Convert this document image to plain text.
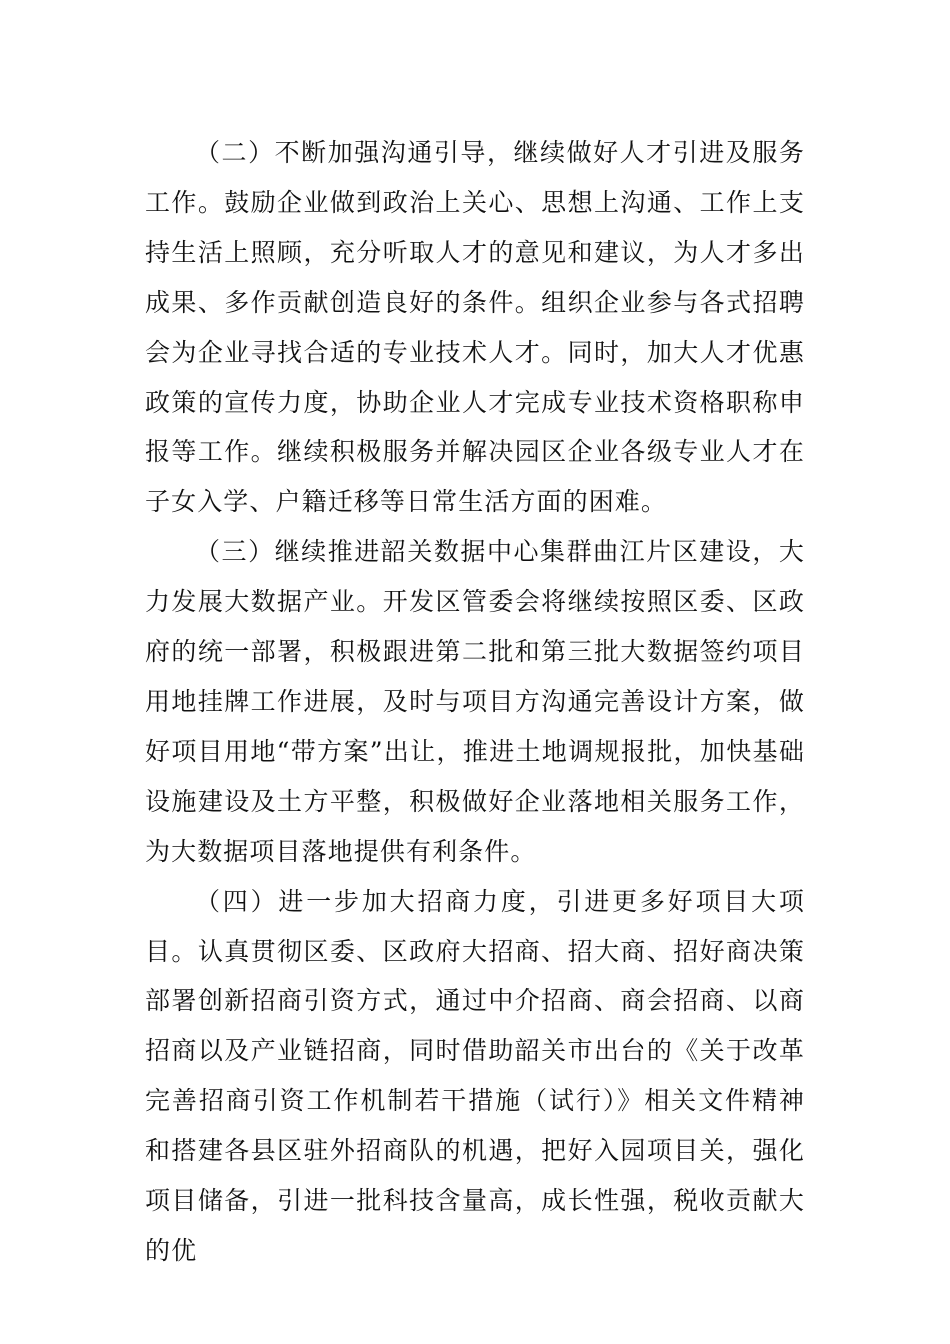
（二）不断加强沟通引导，继续做好人才引进及服务工作。鼓励企业做到政治上关心、思想上沟通、工作上支持生活上照顾，充分听取人才的意见和建议，为人才多出成果、多作贡献创造良好的条件。组织企业参与各式招聘会为企业寻找合适的专业技术人才。同时，加大人才优惠政策的宣传力度，协助企业人才完成专业技术资格职称申报等工作。继续积极服务并解决园区企业各级专业人才在子女入学、户籍迁移等日常生活方面的困难。

（三）继续推进韶关数据中心集群曲江片区建设，大力发展大数据产业。开发区管委会将继续按照区委、区政府的统一部署，积极跟进第二批和第三批大数据签约项目用地挂牌工作进展，及时与项目方沟通完善设计方案，做好项目用地“带方案”出让，推进土地调规报批，加快基础设施建设及土方平整，积极做好企业落地相关服务工作，为大数据项目落地提供有利条件。

（四）进一步加大招商力度，引进更多好项目大项目。认真贯彻区委、区政府大招商、招大商、招好商决策部署创新招商引资方式，通过中介招商、商会招商、以商招商以及产业链招商，同时借助韶关市出台的《关于改革完善招商引资工作机制若干措施（试行）》相关文件精神和搭建各县区驻外招商队的机遇，把好入园项目关，强化项目储备，引进一批科技含量高，成长性强，税收贡献大的优
